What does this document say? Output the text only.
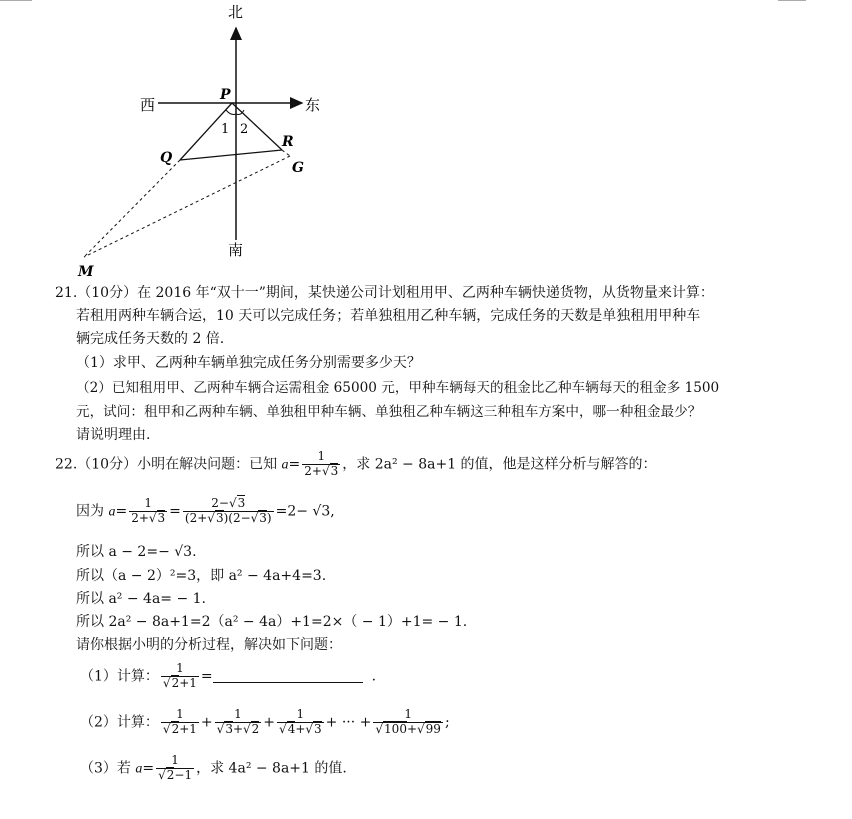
北
南
西	东
P
Q
R
G
M
1 2
21.（10分）在 2016 年“双十一”期间，某快递公司计划租用甲、乙两种车辆快递货物，从货物量来计算：
若租用两种车辆合运，10 天可以完成任务；若单独租用乙种车辆，完成任务的天数是单独租用甲种车
辆完成任务天数的 2 倍.
（1）求甲、乙两种车辆单独完成任务分别需要多少天？
（2）已知租用甲、乙两种车辆合运需租金 65000 元，甲种车辆每天的租金比乙种车辆每天的租金多 1500
元，试问：租甲和乙两种车辆、单独租甲种车辆、单独租乙种车辆这三种租车方案中，哪一种租金最少？
请说明理由.
22.（10分）小明在解决问题：已知 $a= \frac{1}{2+√3}$ ，求 2a² − 8a+1 的值，他是这样分析与解答的：
因为 $a= \frac{1}{2+√3} = \frac{2-√3}{(2+√3)(2-√3)} =2- √3$,
所以 a − 2=− √3.
所以（a − 2）²=3，即 a² − 4a+4=3.
所以 a² − 4a= − 1.
所以 2a² − 8a+1=2（a² − 4a）+1=2×（ − 1）+1= − 1.
请你根据小明的分析过程，解决如下问题：
（1）计算： $\frac{1}{√2+1}$ =	.
（2）计算： $\frac{1}{√2+1} + \frac{1}{√3+√2} + \frac{1}{√4+√3}$ + ··· + $\frac{1}{√100+√99}$ ;
（3）若 $a= \frac{1}{√2-1}$ ，求 4a² − 8a+1 的值.
